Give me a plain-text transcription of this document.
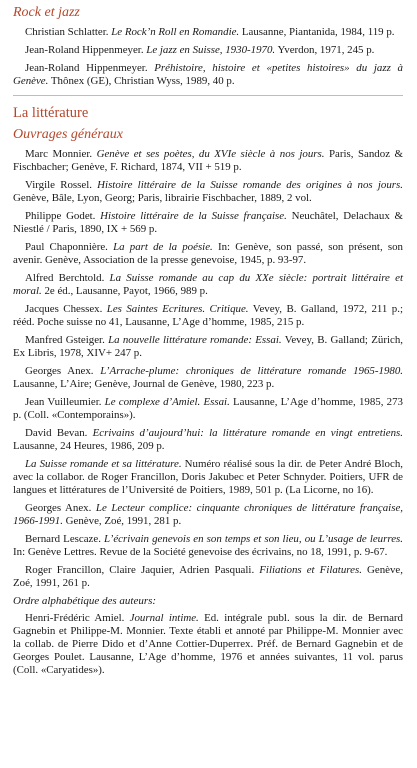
Rock et jazz

Christian Schlatter. Le Rock’n Roll en Romandie. Lausanne, Piantanida, 1984, 119 p.

Jean-Roland Hippenmeyer. Le jazz en Suisse, 1930-1970. Yverdon, 1971, 245 p.

Jean-Roland Hippenmeyer. Préhistoire, histoire et «petites histoires» du jazz à Genève. Thônex (GE), Christian Wyss, 1989, 40 p.

La littérature
Ouvrages généraux

Marc Monnier. Genève et ses poètes, du XVIe siècle à nos jours. Paris, Sandoz & Fischbacher; Genève, F. Richard, 1874, VII + 519 p.

Virgile Rossel. Histoire littéraire de la Suisse romande des origines à nos jours. Genève, Bâle, Lyon, Georg; Paris, librairie Fischbacher, 1889, 2 vol.

Philippe Godet. Histoire littéraire de la Suisse française. Neuchâtel, Delachaux & Niestlé / Paris, 1890, IX + 569 p.

Paul Chaponnière. La part de la poésie. In: Genève, son passé, son présent, son avenir. Genève, Association de la presse genevoise, 1945, p. 93-97.

Alfred Berchtold. La Suisse romande au cap du XXe siècle: portrait littéraire et moral. 2e éd., Lausanne, Payot, 1966, 989 p.

Jacques Chessex. Les Saintes Ecritures. Critique. Vevey, B. Galland, 1972, 211 p.; rééd. Poche suisse no 41, Lausanne, L’Age d’homme, 1985, 215 p.

Manfred Gsteiger. La nouvelle littérature romande: Essai. Vevey, B. Galland; Zürich, Ex Libris, 1978, XIV+ 247 p.

Georges Anex. L’Arrache-plume: chroniques de littérature romande 1965-1980. Lausanne, L’Aire; Genève, Journal de Genève, 1980, 223 p.

Jean Vuilleumier. Le complexe d’Amiel. Essai. Lausanne, L’Age d’homme, 1985, 273 p. (Coll. «Contemporains»).

David Bevan. Ecrivains d’aujourd’hui: la littérature romande en vingt entretiens. Lausanne, 24 Heures, 1986, 209 p.

La Suisse romande et sa littérature. Numéro réalisé sous la dir. de Peter André Bloch, avec la collabor. de Roger Francillon, Doris Jakubec et Peter Schnyder. Poitiers, UFR de langues et littératures de l’Université de Poitiers, 1989, 501 p. (La Licorne, no 16).

Georges Anex. Le Lecteur complice: cinquante chroniques de littérature française, 1966-1991. Genève, Zoé, 1991, 281 p.

Bernard Lescaze. L’écrivain genevois en son temps et son lieu, ou L’usage de leurres. In: Genève Lettres. Revue de la Société genevoise des écrivains, no 18, 1991, p. 9-67.

Roger Francillon, Claire Jaquier, Adrien Pasquali. Filiations et Filatures. Genève, Zoé, 1991, 261 p.

Ordre alphabétique des auteurs:

Henri-Frédéric Amiel. Journal intime. Ed. intégrale publ. sous la dir. de Bernard Gagnebin et Philippe-M. Monnier. Texte établi et annoté par Philippe-M. Monnier avec la collab. de Pierre Dido et d’Anne Cottier-Duperrex. Préf. de Bernard Gagnebin et de Georges Poulet. Lausanne, L’Age d’homme, 1976 et années suivantes, 11 vol. parus (Coll. «Caryatides»).
